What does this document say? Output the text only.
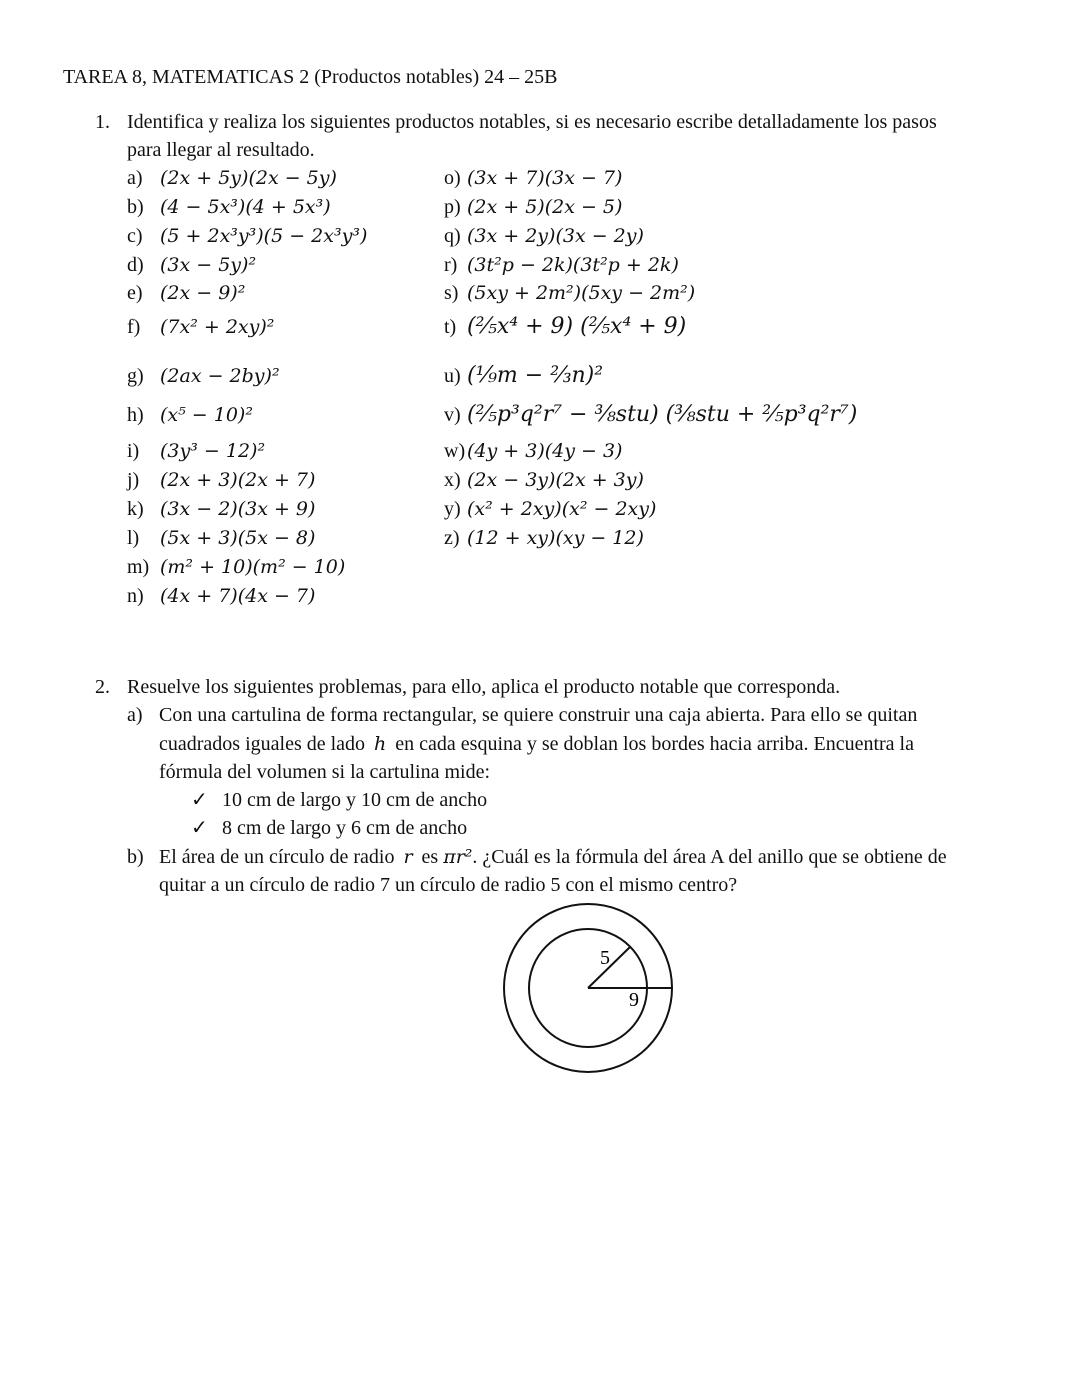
TAREA 8, MATEMATICAS 2 (Productos notables) 24 – 25B
1. Identifica y realiza los siguientes productos notables, si es necesario escribe detalladamente los pasos
para llegar al resultado.
a) (2x + 5y)(2x − 5y)
b) (4 − 5x³)(4 + 5x³)
c) (5 + 2x³y³)(5 − 2x³y³)
d) (3x − 5y)²
e) (2x − 9)²
f) (7x² + 2xy)²
g) (2ax − 2by)²
h) (x⁵ − 10)²
i) (3y³ − 12)²
j) (2x + 3)(2x + 7)
k) (3x − 2)(3x + 9)
l) (5x + 3)(5x − 8)
m) (m² + 10)(m² − 10)
n) (4x + 7)(4x − 7)
o) (3x + 7)(3x − 7)
p) (2x + 5)(2x − 5)
q) (3x + 2y)(3x − 2y)
r) (3t²p − 2k)(3t²p + 2k)
s) (5xy + 2m²)(5xy − 2m²)
t) (⅖x⁴ + 9) (⅖x⁴ + 9)
u) (⅑m − ⅔n)²
v) (⅖p³q²r⁷ − ⅜stu) (⅜stu + ⅖p³q²r⁷)
w) (4y + 3)(4y − 3)
x) (2x − 3y)(2x + 3y)
y) (x² + 2xy)(x² − 2xy)
z) (12 + xy)(xy − 12)
2. Resuelve los siguientes problemas, para ello, aplica el producto notable que corresponda.
a) Con una cartulina de forma rectangular, se quiere construir una caja abierta. Para ello se quitan
cuadrados iguales de lado h en cada esquina y se doblan los bordes hacia arriba. Encuentra la
fórmula del volumen si la cartulina mide:
✓ 10 cm de largo y 10 cm de ancho
✓ 8 cm de largo y 6 cm de ancho
b) El área de un círculo de radio r es πr². ¿Cuál es la fórmula del área A del anillo que se obtiene de
quitar a un círculo de radio 7 un círculo de radio 5 con el mismo centro?
5
9
